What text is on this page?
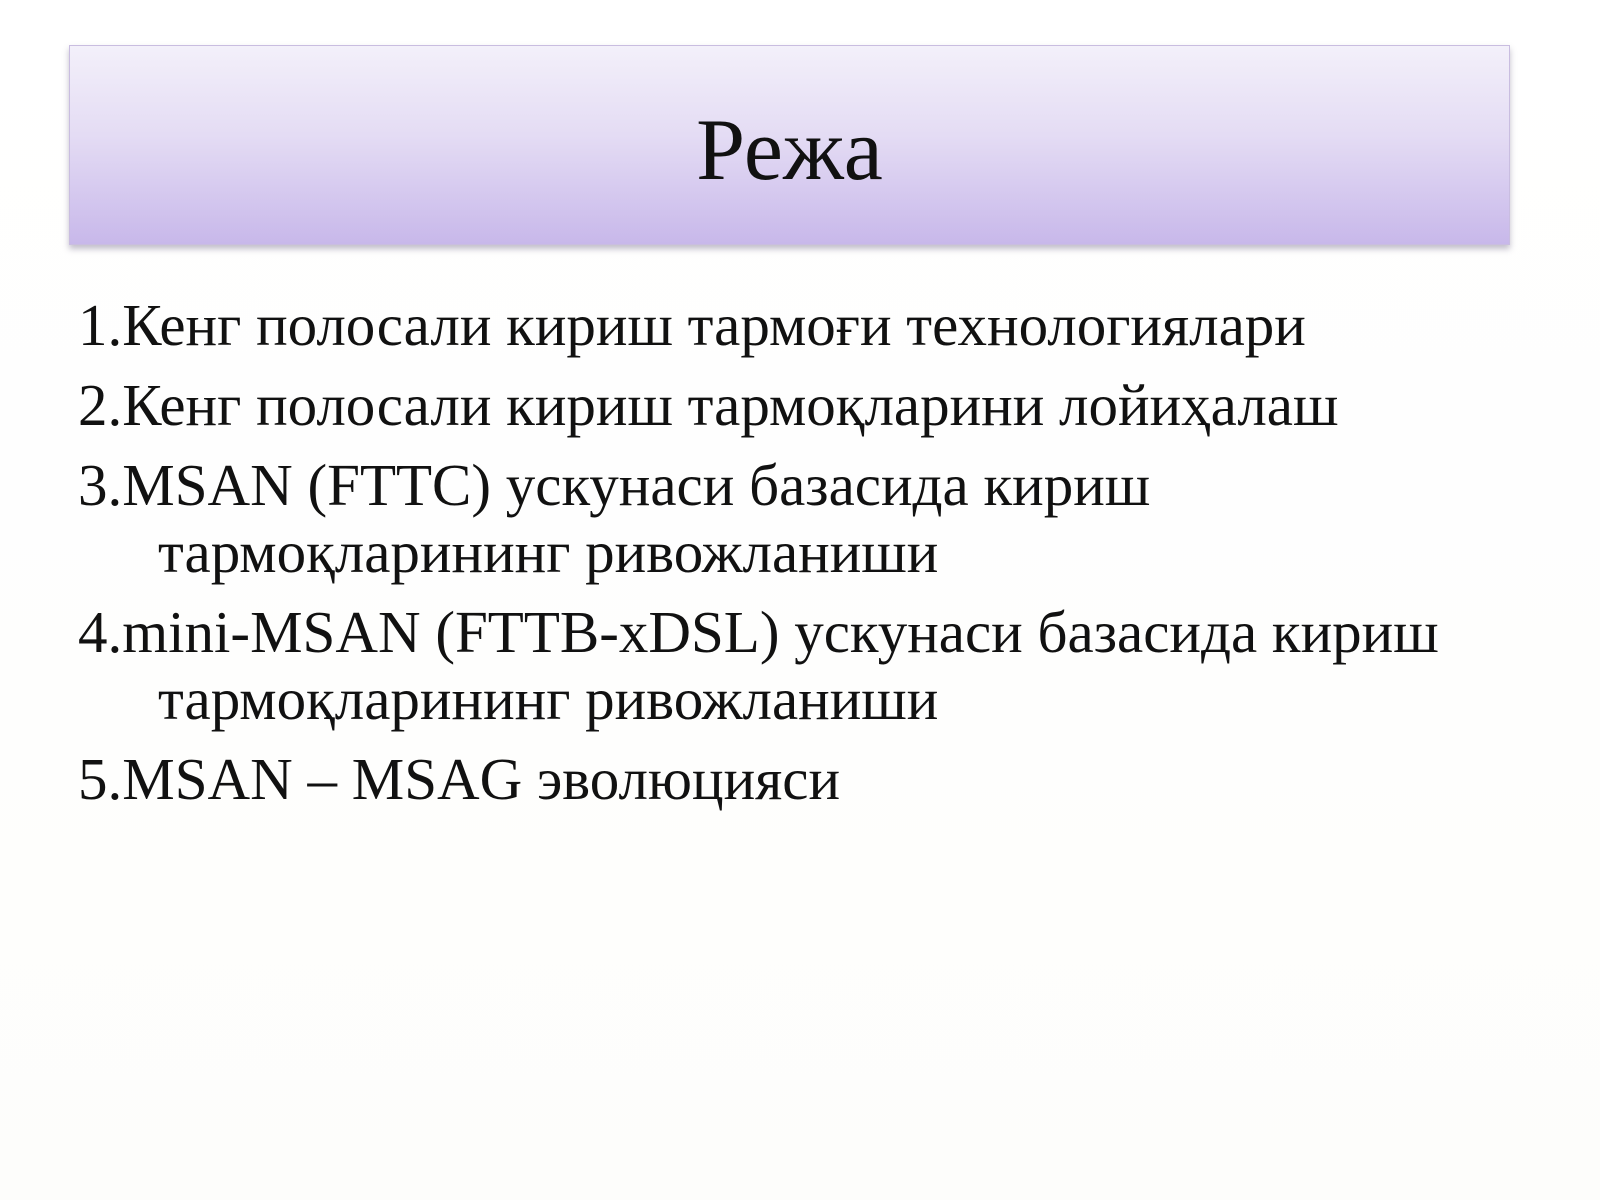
Режа
1.Кенг полосали кириш тармоғи технологиялари
2.Кенг полосали кириш тармоқларини лойиҳалаш
3.MSAN (FTTC) ускунаси базасида кириш тармоқларининг ривожланиши
4.mini-MSAN (FTTB-xDSL) ускунаси базасида кириш тармоқларининг ривожланиши
5.MSAN – MSAG эволюцияси
